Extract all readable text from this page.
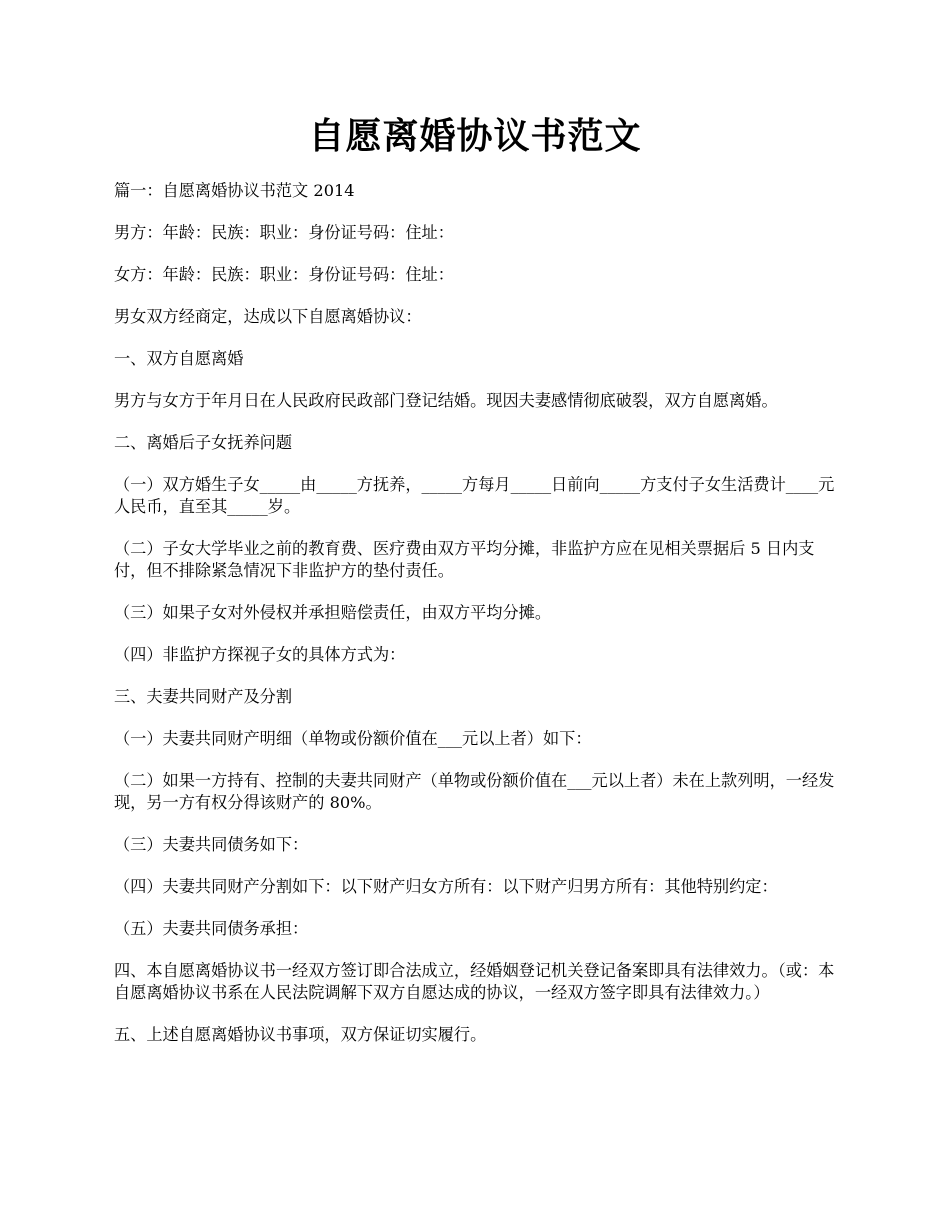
自愿离婚协议书范文

篇一：自愿离婚协议书范文 2014

男方：年龄：民族：职业：身份证号码：住址：

女方：年龄：民族：职业：身份证号码：住址：

男女双方经商定，达成以下自愿离婚协议：

一、双方自愿离婚

男方与女方于年月日在人民政府民政部门登记结婚。现因夫妻感情彻底破裂，双方自愿离婚。

二、离婚后子女抚养问题

（一）双方婚生子女_____由_____方抚养，_____方每月_____日前向_____方支付子女生活费计____元人民币，直至其_____岁。

（二）子女大学毕业之前的教育费、医疗费由双方平均分摊，非监护方应在见相关票据后 5 日内支付，但不排除紧急情况下非监护方的垫付责任。

（三）如果子女对外侵权并承担赔偿责任，由双方平均分摊。

（四）非监护方探视子女的具体方式为：

三、夫妻共同财产及分割

（一）夫妻共同财产明细（单物或份额价值在___元以上者）如下：

（二）如果一方持有、控制的夫妻共同财产（单物或份额价值在___元以上者）未在上款列明，一经发现，另一方有权分得该财产的 80%。

（三）夫妻共同债务如下：

（四）夫妻共同财产分割如下：以下财产归女方所有：以下财产归男方所有：其他特别约定：

（五）夫妻共同债务承担：

四、本自愿离婚协议书一经双方签订即合法成立，经婚姻登记机关登记备案即具有法律效力。（或：本自愿离婚协议书系在人民法院调解下双方自愿达成的协议，一经双方签字即具有法律效力。）

五、上述自愿离婚协议书事项，双方保证切实履行。
